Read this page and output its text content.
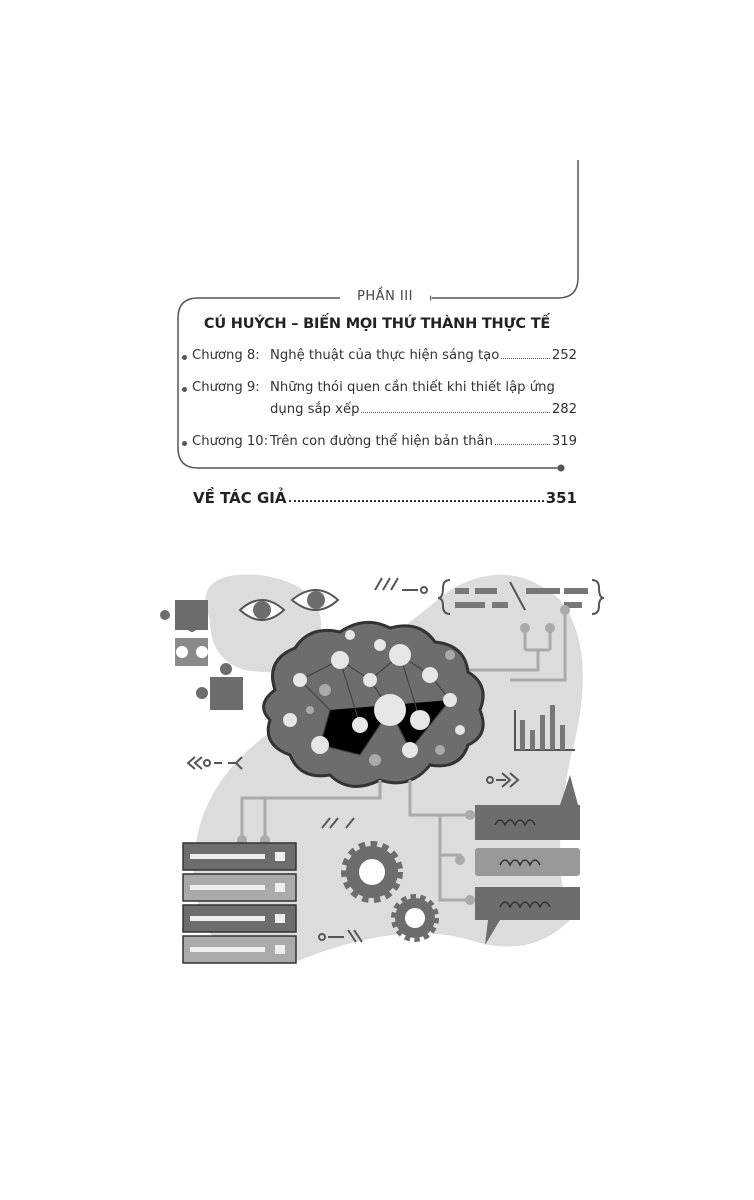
PHẦN III
CÚ HUÝCH – BIẾN MỌI THỨ THÀNH THỰC TẾ
Chương 8: Nghệ thuật của thực hiện sáng tạo	252
Chương 9: Những thói quen cần thiết khi thiết lập ứng
dụng sắp xếp	282
Chương 10: Trên con đường thể hiện bản thân	319
VỀ TÁC GIẢ	351
